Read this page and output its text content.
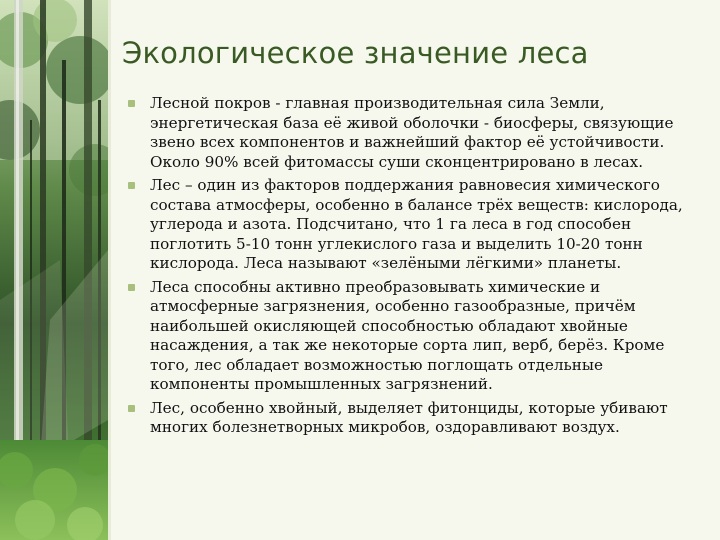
Экологическое значение леса
Лесной покров - главная производительная сила Земли, энергетическая база её живой оболочки - биосферы, связующие звено всех компонентов и важнейший фактор её устойчивости. Около 90% всей фитомассы суши сконцентрировано в лесах.
Лес – один из факторов поддержания равновесия химического состава атмосферы, особенно в балансе трёх веществ: кислорода, углерода и азота. Подсчитано, что 1 га леса в год способен поглотить 5-10 тонн углекислого газа и выделить 10-20 тонн кислорода. Леса называют «зелёными лёгкими» планеты.
Леса способны активно преобразовывать химические и атмосферные загрязнения, особенно газообразные, причём наибольшей окисляющей способностью обладают хвойные насаждения, а так же некоторые сорта лип, верб, берёз. Кроме того, лес обладает возможностью поглощать отдельные компоненты промышленных загрязнений.
Лес, особенно хвойный, выделяет фитонциды, которые убивают многих болезнетворных микробов, оздоравливают воздух.
